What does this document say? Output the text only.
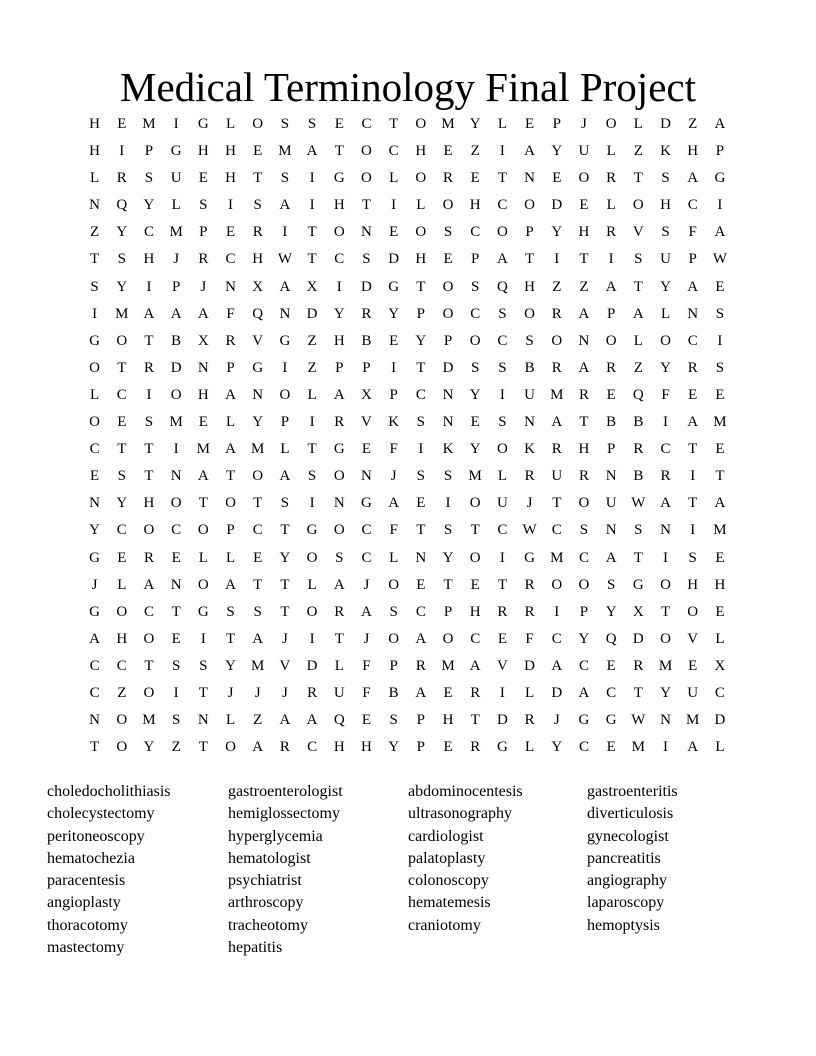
Medical Terminology Final Project
H	E	M	I	G	L	O	S	S	E	C	T	O	M	Y	L	E	P	J	O	L	D	Z	A
H	I	P	G	H	H	E	M	A	T	O	C	H	E	Z	I	A	Y	U	L	Z	K	H	P
L	R	S	U	E	H	T	S	I	G	O	L	O	R	E	T	N	E	O	R	T	S	A	G
N	Q	Y	L	S	I	S	A	I	H	T	I	L	O	H	C	O	D	E	L	O	H	C	I
Z	Y	C	M	P	E	R	I	T	O	N	E	O	S	C	O	P	Y	H	R	V	S	F	A
T	S	H	J	R	C	H W	T	C	S	D	H	E	P	A	T	I	T	I	S	U	P	W
S	Y	I	P	J	N	X	A	X	I	D	G	T	O	S	Q	H	Z	Z	A	T	Y	A	E
I	M	A	A	A	F	Q	N	D	Y	R	Y	P	O	C	S	O	R	A	P	A	L	N	S
G	O	T	B	X	R	V	G	Z	H	B	E	Y	P	O	C	S	O	N	O	L	O	C	I
O	T	R	D	N	P	G	I	Z	P	P	I	T	D	S	S	B	R	A	R	Z	Y	R	S
L	C	I	O	H	A	N	O	L	A	X	P	C	N	Y	I	U	M	R	E	Q	F	E	E
O	E	S	M	E	L	Y	P	I	R	V	K	S	N	E	S	N	A	T	B	B	I	A	M
C	T	T	I	M	A	M	L	T	G	E	F	I	K	Y	O	K	R	H	P	R	C	T	E
E	S	T	N	A	T	O	A	S	O	N	J	S	S	M	L	R	U	R	N	B	R	I	T
N	Y	H	O	T	O	T	S	I	N	G	A	E	I	O	U	J	T	O	U W A	T	A
Y	C	O	C	O	P	C	T	G	O	C	F	T	S	T	C	W	C	S	N	S	N	I	M
G	E	R	E	L	L	E	Y	O	S	C	L	N	Y	O	I	G	M	C	A	T	I	S	E
J	L	A	N	O	A	T	T	L	A	J	O	E	T	E	T	R	O	O	S	G	O	H	H
G	O	C	T	G	S	S	T	O	R	A	S	C	P	H	R	R	I	P	Y	X	T	O	E
A	H	O	E	I	T	A	J	I	T	J	O	A	O	C	E	F	C	Y	Q	D	O	V	L
C	C	T	S	S	Y	M	V	D	L	F	P	R	M	A	V	D	A	C	E	R	M	E	X
C	Z	O	I	T	J	J	J	R	U	F	B	A	E	R	I	L	D	A	C	T	Y	U	C
N	O	M	S	N	L	Z	A	A	Q	E	S	P	H	T	D	R	J	G	G W N	M	D
T	O	Y	Z	T	O	A	R	C	H	H	Y	P	E	R	G	L	Y	C	E	M	I	A	L
choledocholithiasis
cholecystectomy
peritoneoscopy
hematochezia
paracentesis
angioplasty
thoracotomy
mastectomy
gastroenterologist
hemiglossectomy
hyperglycemia
hematologist
psychiatrist
arthroscopy
tracheotomy
hepatitis
abdominocentesis
ultrasonography
cardiologist
palatoplasty
colonoscopy
hematemesis
craniotomy
gastroenteritis
diverticulosis
gynecologist
pancreatitis
angiography
laparoscopy
hemoptysis
